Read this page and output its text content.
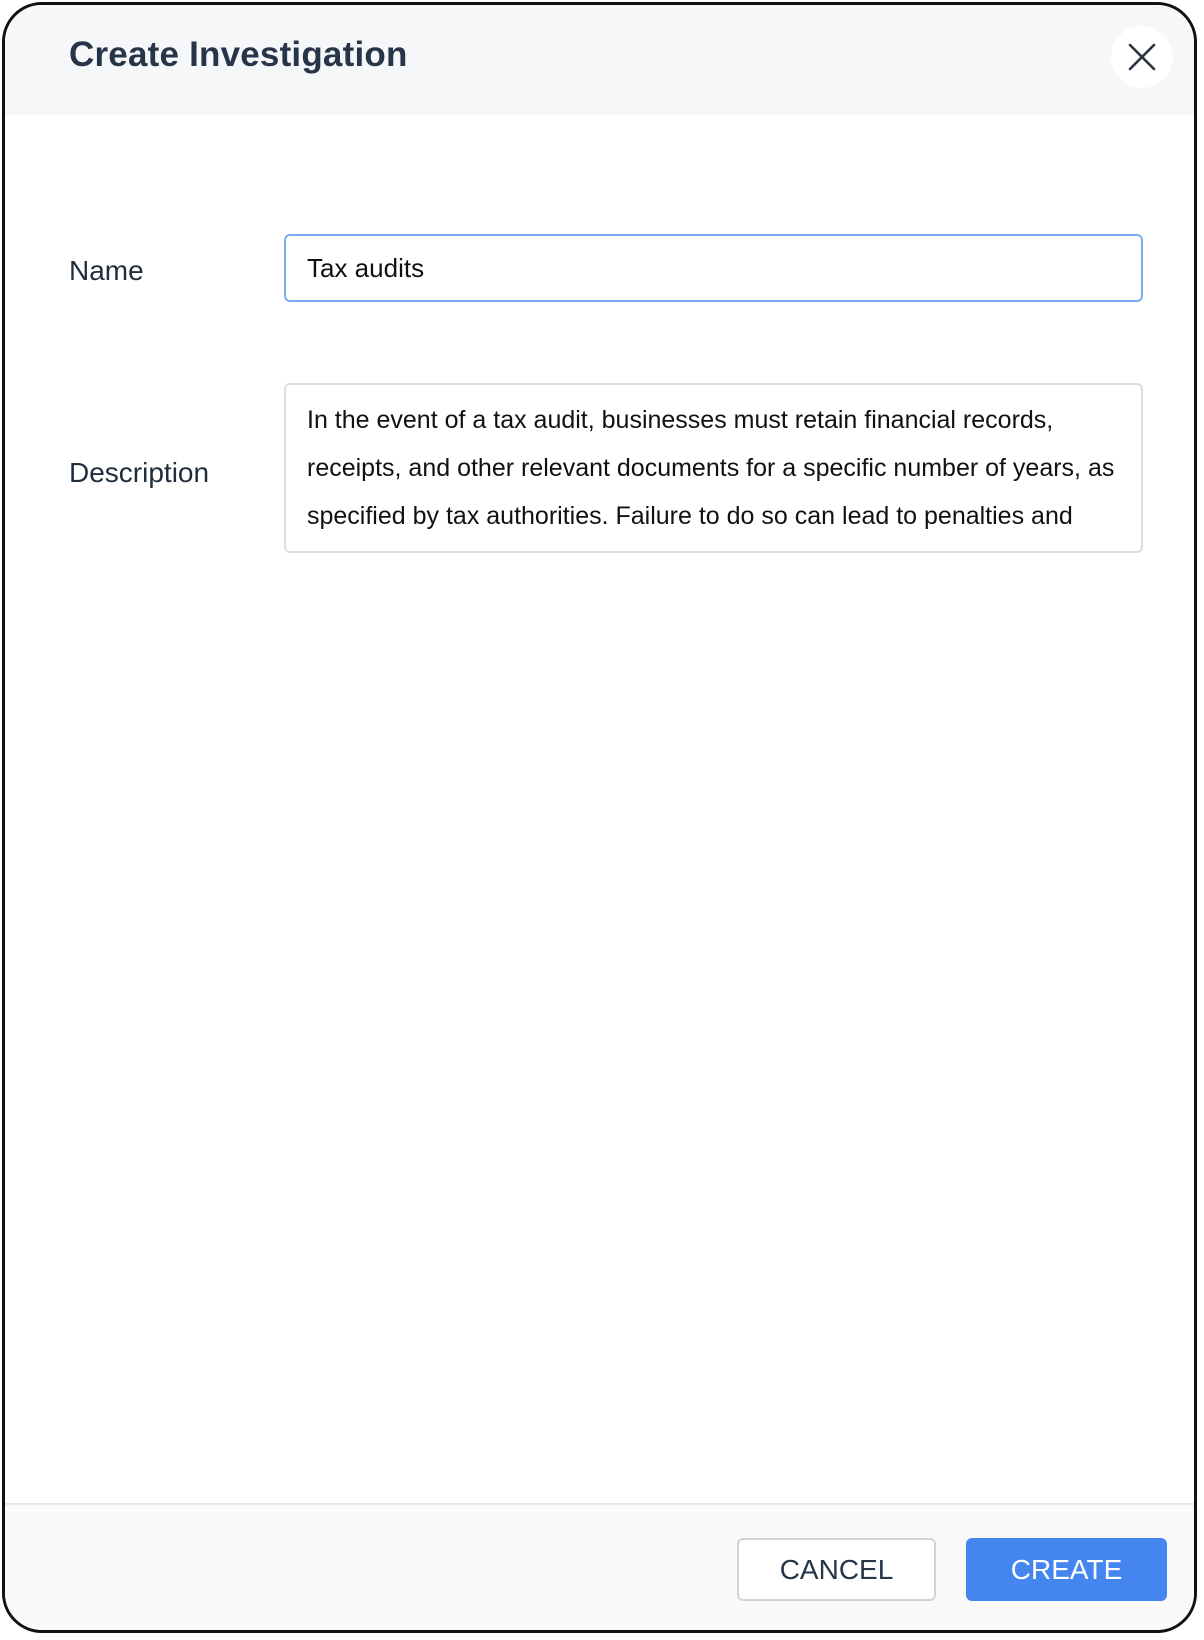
Create Investigation
Name
Tax audits
Description
In the event of a tax audit, businesses must retain financial records, receipts, and other relevant documents for a specific number of years, as specified by tax authorities. Failure to do so can lead to penalties and
CANCEL	CREATE
